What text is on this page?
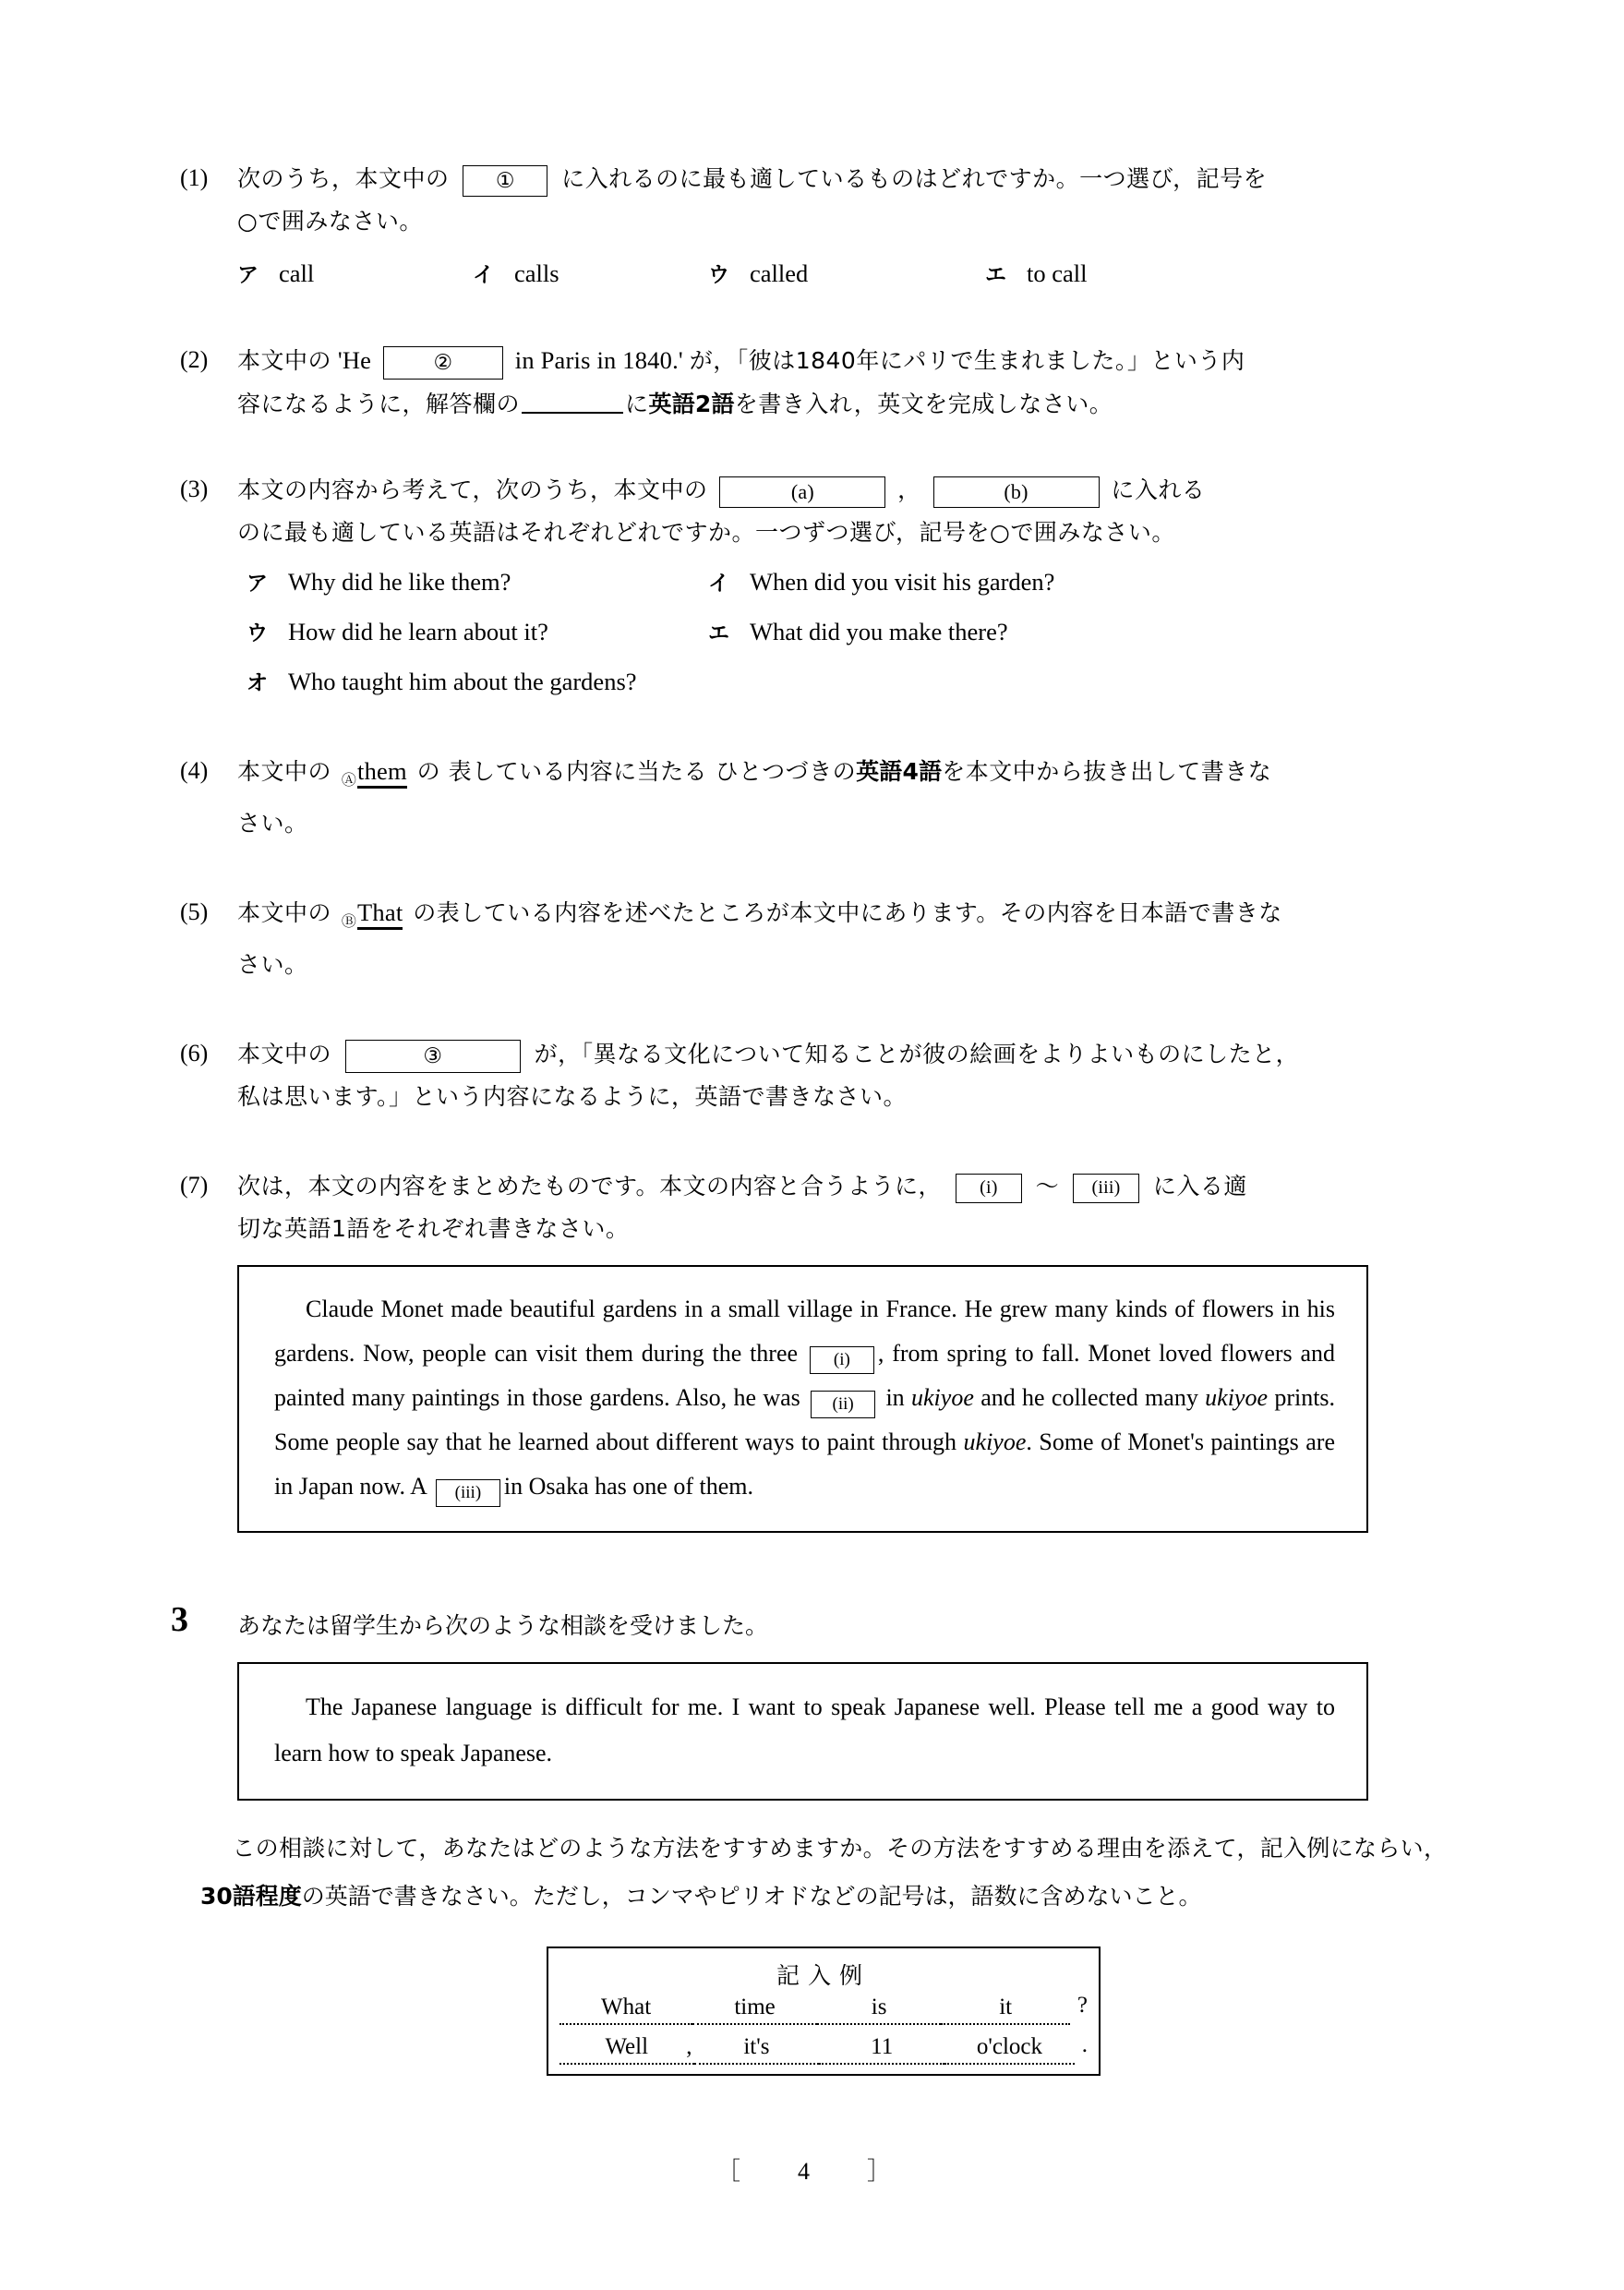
(1)	次のうち，本文中の ① に入れるのに最も適しているものはどれですか。一つ選び，記号を
○で囲みなさい。
ア call	イ calls	ウ called	エ to call
(2)	本文中の 'He	②	in Paris in 1840.' が，「彼は1840年にパリで生まれました。」という内
容になるように，解答欄の	に英語2語を書き入れ，英文を完成しなさい。
(3)	本文の内容から考えて，次のうち，本文中の	(a)	，	(b)	に入れる
のに最も適している英語はそれぞれどれですか。一つずつ選び，記号を○で囲みなさい。
ア Why did he like them?	イ When did you visit his garden?
ウ How did he learn about it?	エ What did you make there?
オ Who taught him about the gardens?
(4)	本文中の Ⓐthem の 表している内容に当たる ひとつづきの英語4語を本文中から抜き出して書きな
さい。
(5)	本文中の ⒷThat の表している内容を述べたところが本文中にあります。その内容を日本語で書きな
さい。
(6)	本文中の	③	が，「異なる文化について知ることが彼の絵画をよりよいものにしたと，
私は思います。」という内容になるように，英語で書きなさい。
(7)	次は，本文の内容をまとめたものです。本文の内容と合うように， (i) ～ (iii) に入る適
切な英語1語をそれぞれ書きなさい。
Claude Monet made beautiful gardens in a small village in France. He grew many kinds of flowers in his gardens. Now, people can visit them during the three (i) , from spring to fall. Monet loved flowers and painted many paintings in those gardens. Also, he was (ii) in ukiyoe and he collected many ukiyoe prints. Some people say that he learned about different ways to paint through ukiyoe. Some of Monet's paintings are in Japan now. A (iii) in Osaka has one of them.
3 あなたは留学生から次のような相談を受けました。
The Japanese language is difficult for me. I want to speak Japanese well. Please tell me a good way to learn how to speak Japanese.
この相談に対して，あなたはどのような方法をすすめますか。その方法をすすめる理由を添えて，記入例にならい，30語程度の英語で書きなさい。ただし，コンマやピリオドなどの記号は，語数に含めないこと。
記入例
What	time	is	it	?
Well ,	it's	11	o'clock	.
［　4　］
